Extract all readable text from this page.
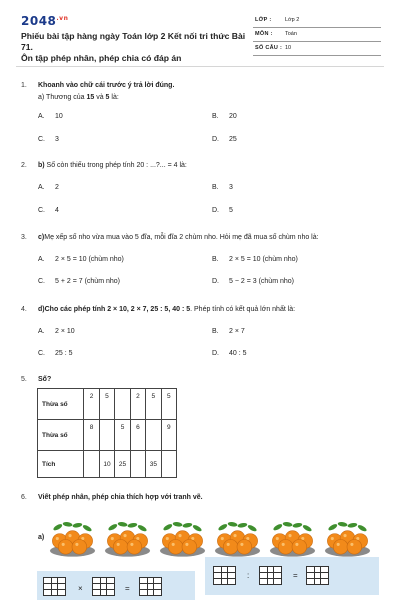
$2048^{.vn}$
Phiếu bài tập hàng ngày Toán lớp 2 Kết nối tri thức Bài 71.
Ôn tập phép nhân, phép chia có đáp án
LỚP : Lớp 2
MÔN : Toán
SỐ CÂU : 10
1. Khoanh vào chữ cái trước ý trả lời đúng.
a) Thương của 15 và 5 là:
A. 10	B. 20
C. 3	D. 25
2. b) Số còn thiếu trong phép tính 20 : ...?... = 4 là:
A. 2	B. 3
C. 4	D. 5
3. c)Mẹ xếp số nho vừa mua vào 5 đĩa, mỗi đĩa 2 chùm nho. Hỏi mẹ đã mua số chùm nho là:
A. 2 × 5 = 10 (chùm nho)	B. 2 × 5 = 10 (chùm nho)
C. 5 + 2 = 7 (chùm nho)	D. 5 − 2 = 3 (chùm nho)
4. d)Cho các phép tính 2 × 10, 2 × 7, 25 : 5, 40 : 5. Phép tính có kết quả lớn nhất là:
A. 2 × 10	B. 2 × 7
C. 25 : 5	D. 40 : 5
5. Số?
Thừa số	2	5		2	5	5
Thừa số	8		5	6		9
Tích		10	25		35	
6. Viết phép nhân, phép chia thích hợp với tranh vẽ.
a)
×	=
:	=
